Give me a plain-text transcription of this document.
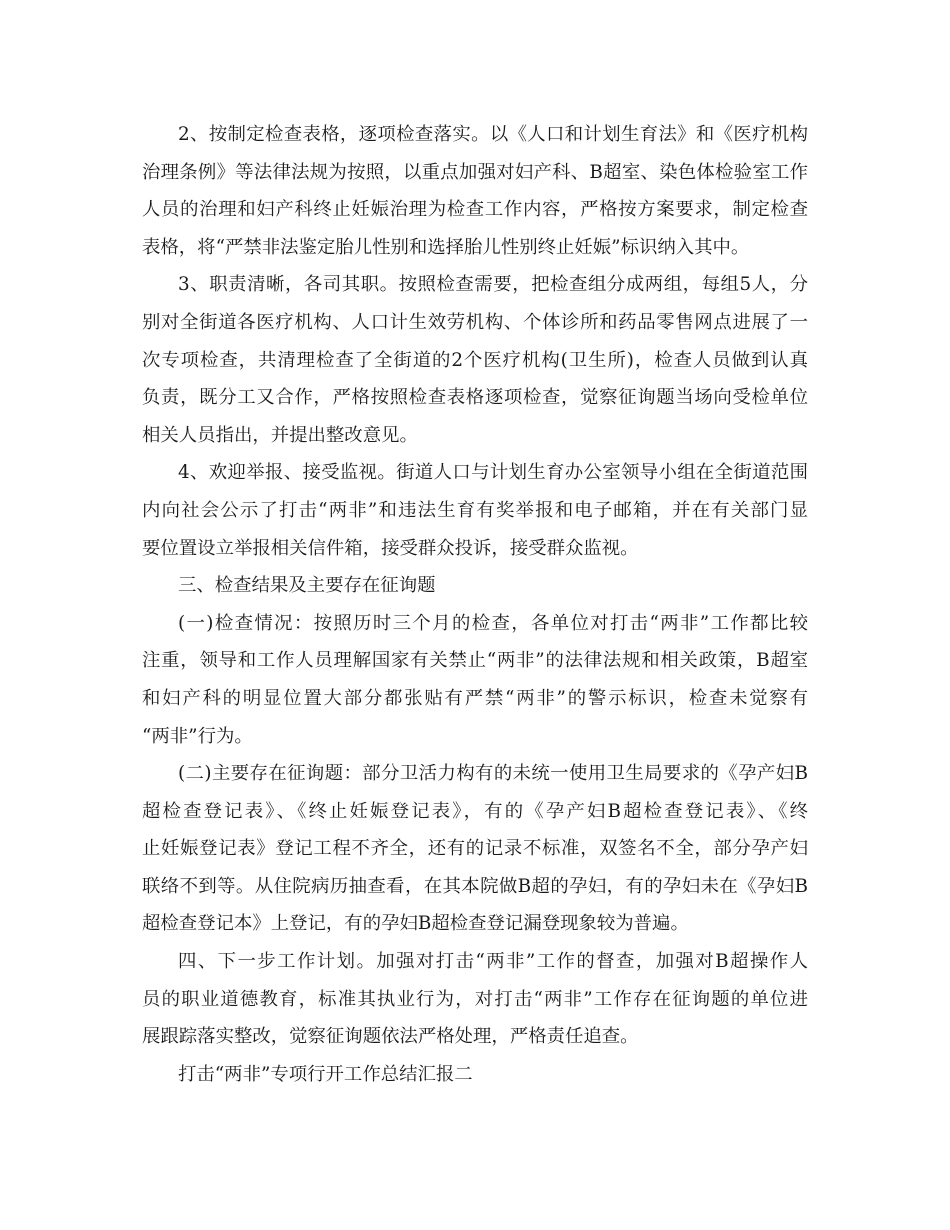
2、按制定检查表格，逐项检查落实。以《人口和计划生育法》和《医疗机构
治理条例》等法律法规为按照，以重点加强对妇产科、B超室、染色体检验室工作
人员的治理和妇产科终止妊娠治理为检查工作内容，严格按方案要求，制定检查
表格，将“严禁非法鉴定胎儿性别和选择胎儿性别终止妊娠”标识纳入其中。
3、职责清晰，各司其职。按照检查需要，把检查组分成两组，每组5人，分
别对全街道各医疗机构、人口计生效劳机构、个体诊所和药品零售网点进展了一
次专项检查，共清理检查了全街道的2个医疗机构(卫生所)，检查人员做到认真
负责，既分工又合作，严格按照检查表格逐项检查，觉察征询题当场向受检单位
相关人员指出，并提出整改意见。
4、欢迎举报、接受监视。街道人口与计划生育办公室领导小组在全街道范围
内向社会公示了打击“两非”和违法生育有奖举报和电子邮箱，并在有关部门显
要位置设立举报相关信件箱，接受群众投诉，接受群众监视。
三、检查结果及主要存在征询题
(一)检查情况：按照历时三个月的检查，各单位对打击“两非”工作都比较
注重，领导和工作人员理解国家有关禁止“两非”的法律法规和相关政策，B超室
和妇产科的明显位置大部分都张贴有严禁“两非”的警示标识，检查未觉察有
“两非”行为。
(二)主要存在征询题：部分卫活力构有的未统一使用卫生局要求的《孕产妇B
超检查登记表》、《终止妊娠登记表》，有的《孕产妇B超检查登记表》、《终
止妊娠登记表》登记工程不齐全，还有的记录不标准，双签名不全，部分孕产妇
联络不到等。从住院病历抽查看，在其本院做B超的孕妇，有的孕妇未在《孕妇B
超检查登记本》上登记，有的孕妇B超检查登记漏登现象较为普遍。
四、下一步工作计划。加强对打击“两非”工作的督查，加强对B超操作人
员的职业道德教育，标准其执业行为，对打击“两非”工作存在征询题的单位进
展跟踪落实整改，觉察征询题依法严格处理，严格责任追查。
打击“两非”专项行开工作总结汇报二
